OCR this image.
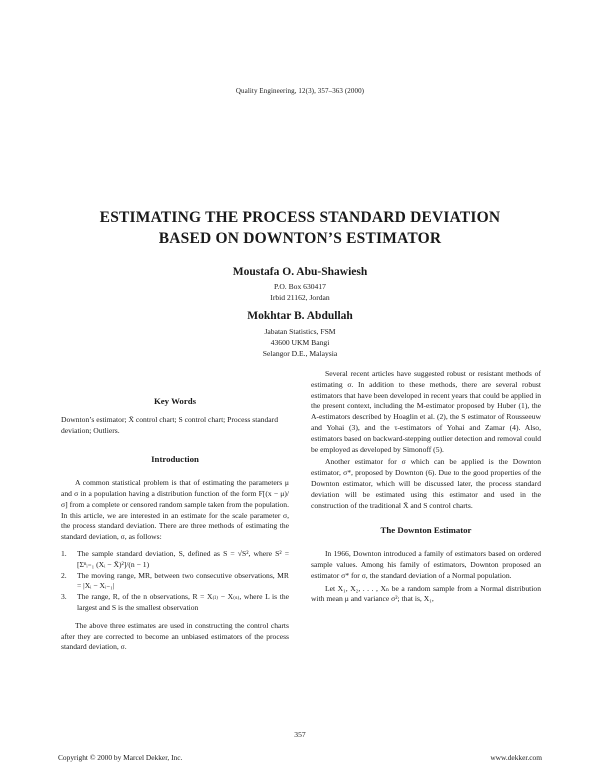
Quality Engineering, 12(3), 357–363 (2000)
ESTIMATING THE PROCESS STANDARD DEVIATION
BASED ON DOWNTON’S ESTIMATOR
Moustafa O. Abu-Shawiesh
P.O. Box 630417
Irbid 21162, Jordan
Mokhtar B. Abdullah
Jabatan Statistics, FSM
43600 UKM Bangi
Selangor D.E., Malaysia
Key Words

Downton’s estimator; X̄ control chart; S control chart; Process standard deviation; Outliers.

Introduction

A common statistical problem is that of estimating the parameters μ and σ in a population having a distribution function of the form F[(x − μ)/σ] from a complete or censored random sample taken from the population. In this article, we are interested in an estimate for the scale parameter σ, the process standard deviation. There are three methods of estimating the standard deviation, σ, as follows:

1.	The sample standard deviation, S, defined as S = √S², where S² = [Σⁿᵢ₌₁ (Xᵢ − X̄)²]/(n − 1)
2.	The moving range, MR, between two consecutive observations, MR = |Xᵢ − Xᵢ₋₁|
3.	The range, R, of the n observations, R = X₍ₗ₎ − X₍ₛ₎, where L is the largest and S is the smallest observation

The above three estimates are used in constructing the control charts after they are corrected to become an unbiased estimators of the process standard deviation, σ.

Several recent articles have suggested robust or resistant methods of estimating σ. In addition to these methods, there are several robust estimators that have been developed in recent years that could be applied in the present context, including the M-estimator proposed by Huber (1), the A-estimators described by Hoaglin et al. (2), the S estimator of Rousseeuw and Yohai (3), and the τ-estimators of Yohai and Zamar (4). Also, estimators based on backward-stepping outlier detection and removal could be employed as developed by Simonoff (5).

Another estimator for σ which can be applied is the Downton estimator, σ*, proposed by Downton (6). Due to the good properties of the Downton estimator, which will be discussed later, the process standard deviation will be estimated using this estimator and used in the construction of the traditional X̄ and S control charts.

The Downton Estimator

In 1966, Downton introduced a family of estimators based on ordered sample values. Among his family of estimators, Downton proposed an estimator σ* for σ, the standard deviation of a Normal population.

Let X₁, X₂, . . . , Xₙ be a random sample from a Normal distribution with mean μ and variance σ²; that is, X₁,

357
Copyright © 2000 by Marcel Dekker, Inc.	www.dekker.com
